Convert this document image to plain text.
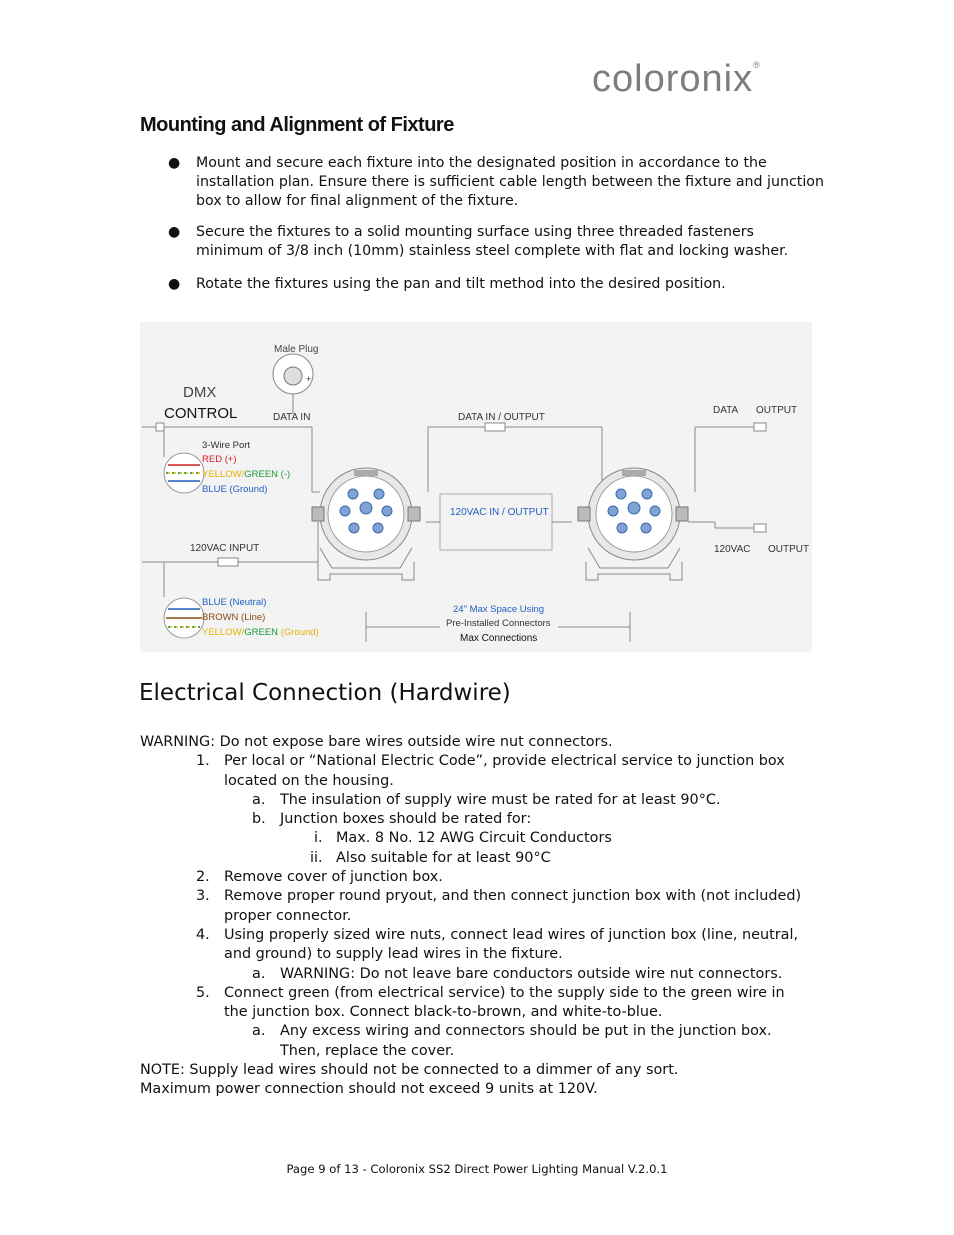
coloronix®
Mounting and Alignment of Fixture
● Mount and secure each fixture into the designated position in accordance to the installation plan. Ensure there is sufficient cable length between the fixture and junction box to allow for final alignment of the fixture.
● Secure the fixtures to a solid mounting surface using three threaded fasteners minimum of 3/8 inch (10mm) stainless steel complete with flat and locking washer.
● Rotate the fixtures using the pan and tilt method into the desired position.
+
Male Plug
DMX
CONTROL	DATA IN
3-Wire Port
RED (+)
YELLOW/GREEN (-)
BLUE (Ground)
DATA IN / OUTPUT
120VAC IN / OUTPUT
DATA OUTPUT
120VAC OUTPUT
120VAC INPUT
BLUE (Neutral)
BROWN (Line)
YELLOW/GREEN (Ground)
24" Max Space Using
Pre-Installed Connectors
Max Connections
Electrical Connection (Hardwire)
WARNING: Do not expose bare wires outside wire nut connectors.
1. Per local or “National Electric Code”, provide electrical service to junction box
located on the housing.
a. The insulation of supply wire must be rated for at least 90°C.
b. Junction boxes should be rated for:
i. Max. 8 No. 12 AWG Circuit Conductors
ii. Also suitable for at least 90°C
2. Remove cover of junction box.
3. Remove proper round pryout, and then connect junction box with (not included)
proper connector.
4. Using properly sized wire nuts, connect lead wires of junction box (line, neutral,
and ground) to supply lead wires in the fixture.
a. WARNING: Do not leave bare conductors outside wire nut connectors.
5. Connect green (from electrical service) to the supply side to the green wire in
the junction box. Connect black-to-brown, and white-to-blue.
a. Any excess wiring and connectors should be put in the junction box.
Then, replace the cover.
NOTE: Supply lead wires should not be connected to a dimmer of any sort.
Maximum power connection should not exceed 9 units at 120V.
Page 9 of 13 - Coloronix SS2 Direct Power Lighting Manual V.2.0.1
